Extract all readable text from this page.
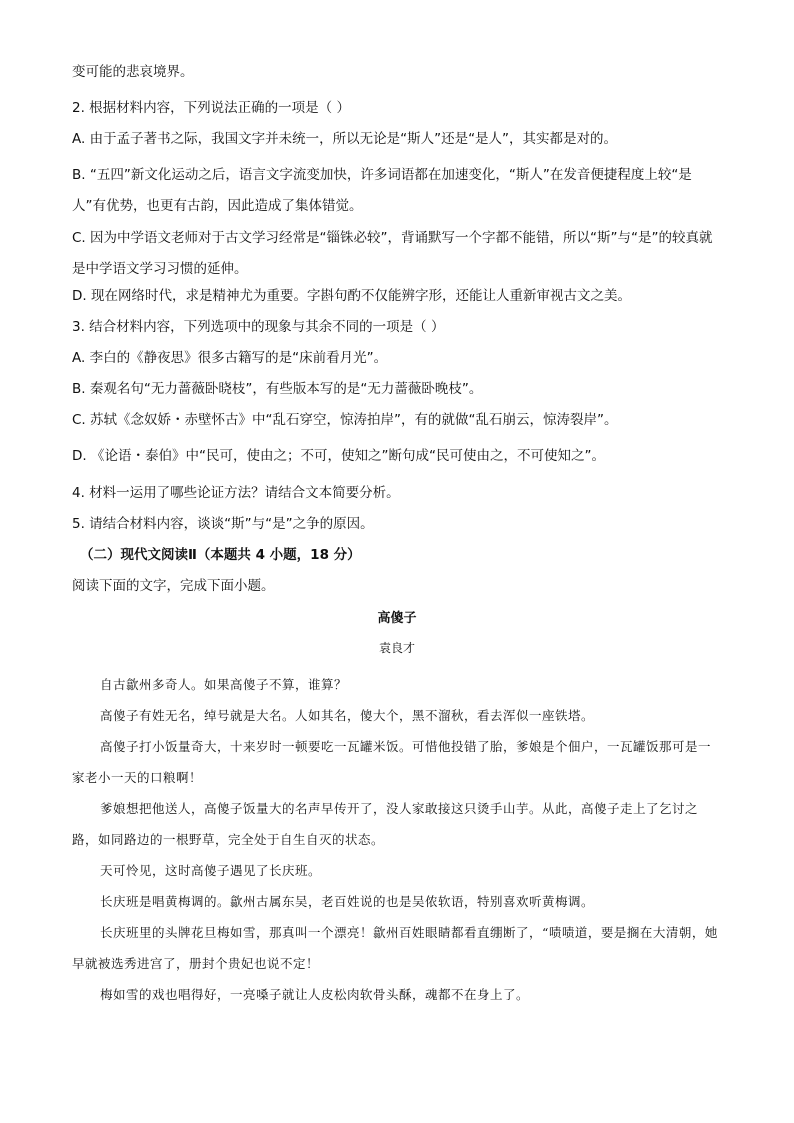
变可能的悲哀境界。
2. 根据材料内容，下列说法正确的一项是（ ）
A. 由于孟子著书之际，我国文字并未统一，所以无论是“斯人”还是“是人”，其实都是对的。
B. “五四”新文化运动之后，语言文字流变加快，许多词语都在加速变化，“斯人”在发音便捷程度上较“是人”有优势，也更有古韵，因此造成了集体错觉。
C. 因为中学语文老师对于古文学习经常是“锱铢必较”，背诵默写一个字都不能错，所以“斯”与“是”的较真就是中学语文学习习惯的延伸。
D. 现在网络时代，求是精神尤为重要。字斟句酌不仅能辨字形，还能让人重新审视古文之美。
3. 结合材料内容，下列选项中的现象与其余不同的一项是（ ）
A. 李白的《静夜思》很多古籍写的是“床前看月光”。
B. 秦观名句“无力蔷薇卧晓枝”，有些版本写的是“无力蔷薇卧晚枝”。
C. 苏轼《念奴娇・赤壁怀古》中“乱石穿空，惊涛拍岸”，有的就做“乱石崩云，惊涛裂岸”。
D. 《论语・泰伯》中“民可，使由之；不可，使知之”断句成“民可使由之，不可使知之”。
4. 材料一运用了哪些论证方法？请结合文本简要分析。
5. 请结合材料内容，谈谈“斯”与“是”之争的原因。
（二）现代文阅读Ⅱ（本题共 4 小题，18 分）
阅读下面的文字，完成下面小题。
高傻子
袁良才
自古歙州多奇人。如果高傻子不算，谁算？
高傻子有姓无名，绰号就是大名。人如其名，傻大个，黑不溜秋，看去浑似一座铁塔。
高傻子打小饭量奇大，十来岁时一顿要吃一瓦罐米饭。可惜他投错了胎，爹娘是个佃户，一瓦罐饭那可是一家老小一天的口粮啊！
爹娘想把他送人，高傻子饭量大的名声早传开了，没人家敢接这只烫手山芋。从此，高傻子走上了乞讨之路，如同路边的一根野草，完全处于自生自灭的状态。
天可怜见，这时高傻子遇见了长庆班。
长庆班是唱黄梅调的。歙州古属东吴，老百姓说的也是吴侬软语，特别喜欢听黄梅调。
长庆班里的头牌花旦梅如雪，那真叫一个漂亮！歙州百姓眼睛都看直绷断了，“啧啧道，要是搁在大清朝，她早就被选秀进宫了，册封个贵妃也说不定！
梅如雪的戏也唱得好，一亮嗓子就让人皮松肉软骨头酥，魂都不在身上了。
